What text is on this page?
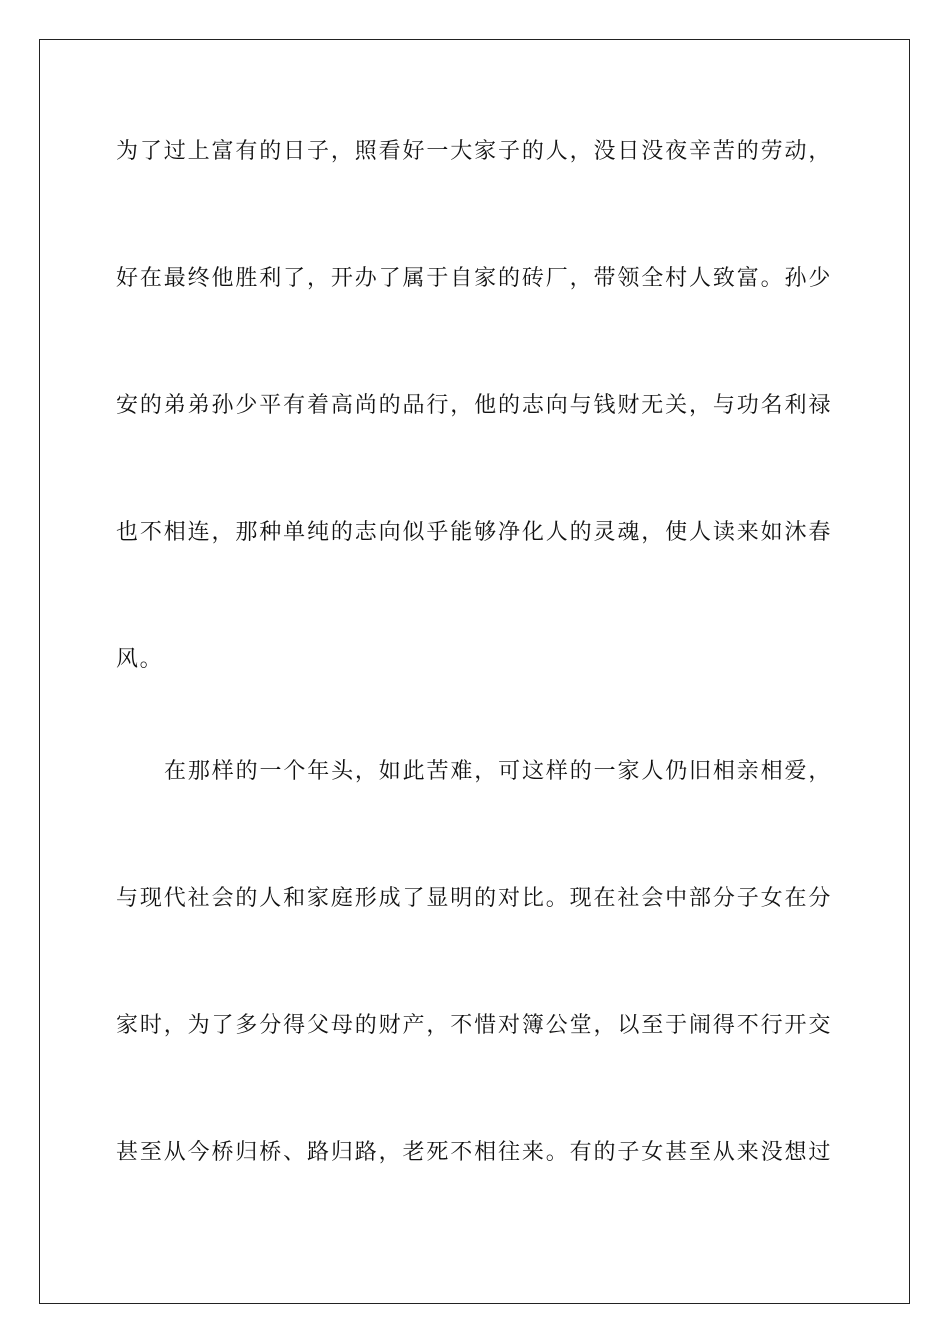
为了过上富有的日子，照看好一大家子的人，没日没夜辛苦的劳动，
好在最终他胜利了，开办了属于自家的砖厂，带领全村人致富。孙少
安的弟弟孙少平有着高尚的品行，他的志向与钱财无关，与功名利禄
也不相连，那种单纯的志向似乎能够净化人的灵魂，使人读来如沐春
风。
在那样的一个年头，如此苦难，可这样的一家人仍旧相亲相爱，
与现代社会的人和家庭形成了显明的对比。现在社会中部分子女在分
家时，为了多分得父母的财产，不惜对簿公堂，以至于闹得不行开交
甚至从今桥归桥、路归路，老死不相往来。有的子女甚至从来没想过
